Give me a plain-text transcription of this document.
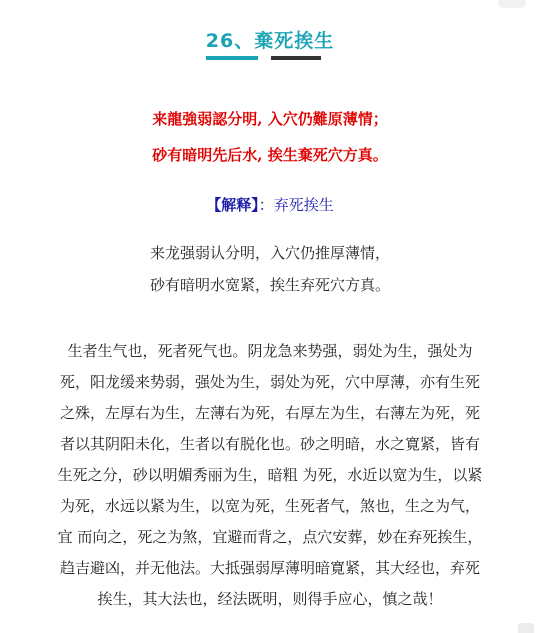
26、棄死挨生
来龍強弱認分明, 入穴仍難原薄情；
砂有暗明先后水, 挨生棄死穴方真。
【解释】：弃死挨生
来龙强弱认分明，入穴仍推厚薄情，
砂有暗明水宽紧，挨生弃死穴方真。
生者生气也，死者死气也。阴龙急来势强，弱处为生，强处为
死，阳龙缓来势弱，强处为生，弱处为死，穴中厚薄，亦有生死
之殊，左厚右为生，左薄右为死，右厚左为生，右薄左为死，死
者以其阴阳未化，生者以有脱化也。砂之明暗，水之寛紧，皆有
生死之分，砂以明媚秀丽为生，暗粗 为死，水近以宽为生，以紧
为死，水远以紧为生，以宽为死，生死者气，煞也，生之为气，
宜 而向之，死之为煞，宜避而背之，点穴安葬，妙在弃死挨生，
趋吉避凶，并无他法。大抵强弱厚薄明暗寛紧，其大经也，弃死
挨生，其大法也，经法既明，则得手应心，慎之哉！
